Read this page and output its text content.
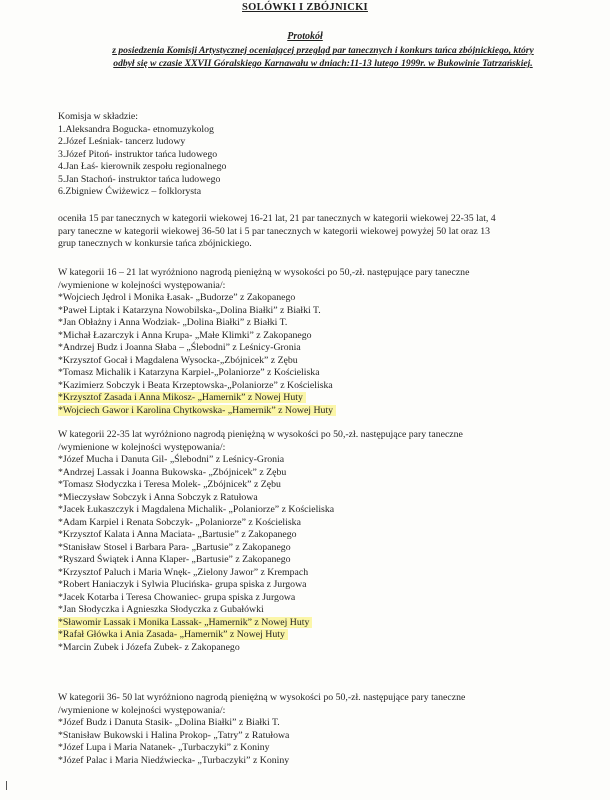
SOLÓWKI I ZBÓJNICKI
Protokół
z posiedzenia Komisji Artystycznej oceniającej przegląd par tanecznych i konkurs tańca zbójnickiego, który
odbył się w czasie XXVII Góralskiego Karnawału w dniach:11-13 lutego 1999r. w Bukowinie Tatrzańskiej.
Komisja w składzie:
1.Aleksandra Bogucka- etnomuzykolog
2.Józef Leśniak- tancerz ludowy
3.Józef Pitoń- instruktor tańca ludowego
4.Jan Łaś- kierownik zespołu regionalnego
5.Jan Stachoń- instruktor tańca ludowego
6.Zbigniew Ćwiżewicz – folklorysta
oceniła 15 par tanecznych w kategorii wiekowej 16-21 lat, 21 par tanecznych w kategorii wiekowej 22-35 lat, 4
pary taneczne w kategorii wiekowej 36-50 lat i 5 par tanecznych w kategorii wiekowej powyżej 50 lat oraz 13
grup tanecznych w konkursie tańca zbójnickiego.
W kategorii 16 – 21 lat wyróżniono nagrodą pieniężną w wysokości po 50,-zł. następujące pary taneczne
/wymienione w kolejności występowania/:
*Wojciech Jędrol i Monika Łasak- „Budorze” z Zakopanego
*Paweł Liptak i Katarzyna Nowobilska-„Dolina Białki” z Białki T.
*Jan Obłażny i Anna Wodziak- „Dolina Białki” z Białki T.
*Michał Łazarczyk i Anna Krupa- „Małe Klimki” z Zakopanego
*Andrzej Budz i Joanna Słaba – „Ślebodni” z Leśnicy-Gronia
*Krzysztof Gocał i Magdalena Wysocka-„Zbójnicek” z Zębu
*Tomasz Michalik i Katarzyna Karpiel-„Polaniorze” z Kościeliska
*Kazimierz Sobczyk i Beata Krzeptowska-„Polaniorze” z Kościeliska
*Krzysztof Zasada i Anna Mikosz- „Hamernik” z Nowej Huty
*Wojciech Gawor i Karolina Chytkowska- „Hamernik” z Nowej Huty
W kategorii 22-35 lat wyróżniono nagrodą pieniężną w wysokości po 50,-zł. następujące pary taneczne
/wymienione w kolejności występowania/:
*Józef Mucha i Danuta Gil- „Ślebodni” z Leśnicy-Gronia
*Andrzej Lassak i Joanna Bukowska- „Zbójnicek” z Zębu
*Tomasz Słodyczka i Teresa Molek- „Zbójnicek” z Zębu
*Mieczysław Sobczyk i Anna Sobczyk z Ratułowa
*Jacek Łukaszczyk i Magdalena Michalik- „Polaniorze” z Kościeliska
*Adam Karpiel i Renata Sobczyk- „Polaniorze” z Kościeliska
*Krzysztof Kalata i Anna Maciata- „Bartusie” z Zakopanego
*Stanisław Stosel i Barbara Para- „Bartusie” z Zakopanego
*Ryszard Świątek i Anna Klaper- „Bartusie” z Zakopanego
*Krzysztof Paluch i Maria Wnęk- „Zielony Jawor” z Krempach
*Robert Haniaczyk i Sylwia Plucińska- grupa spiska z Jurgowa
*Jacek Kotarba i Teresa Chowaniec- grupa spiska z Jurgowa
*Jan Słodyczka i Agnieszka Słodyczka z Gubałówki
*Sławomir Lassak i Monika Lassak- „Hamernik” z Nowej Huty
*Rafał Główka i Ania Zasada- „Hamernik” z Nowej Huty
*Marcin Zubek i Józefa Zubek- z Zakopanego
W kategorii 36- 50 lat wyróżniono nagrodą pieniężną w wysokości po 50,-zł. następujące pary taneczne
/wymienione w kolejności występowania/:
*Józef Budz i Danuta Stasik- „Dolina Białki” z Białki T.
*Stanisław Bukowski i Halina Prokop- „Tatry” z Ratułowa
*Józef Lupa i Maria Natanek- „Turbaczyki” z Koniny
*Józef Palac i Maria Niedźwiecka- „Turbaczyki” z Koniny
